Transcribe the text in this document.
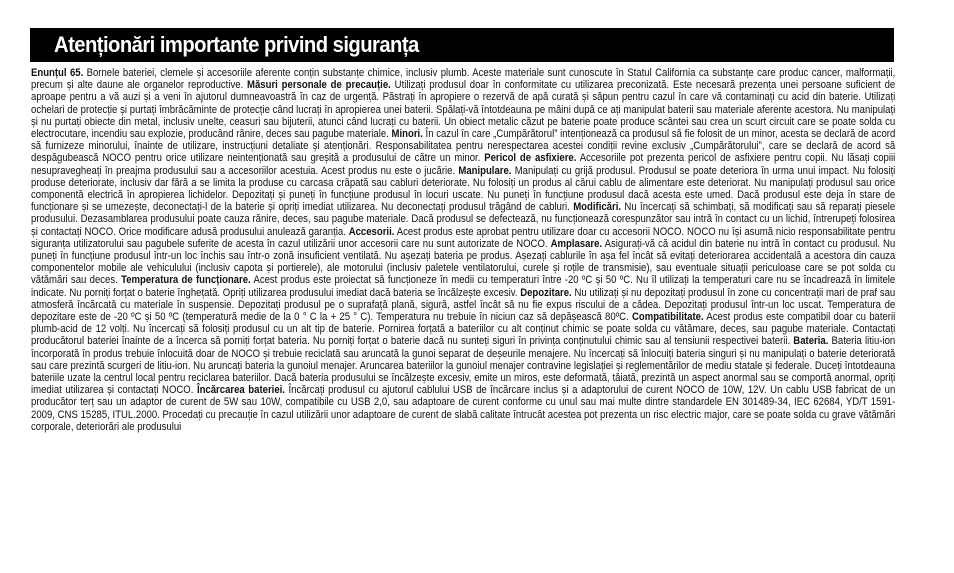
Atenționări importante privind siguranța

Enunțul 65. Bornele bateriei, clemele și accesoriile aferente conțin substanțe chimice, inclusiv plumb. Aceste materiale sunt cunoscute în Statul California ca substanțe care produc cancer, malformații, precum și alte daune ale organelor reproductive. Măsuri personale de precauție. Utilizați produsul doar în conformitate cu utilizarea preconizată. Este necesară prezența unei persoane suficient de aproape pentru a vă auzi și a veni în ajutorul dumneavoastră în caz de urgență. Păstrați în apropiere o rezervă de apă curată și săpun pentru cazul în care vă contaminați cu acid din baterie. Utilizați ochelari de protecție și purtați îmbrăcăminte de protecție când lucrați în apropierea unei baterii. Spălați-vă întotdeauna pe mâini după ce ați manipulat baterii sau materiale aferente acestora. Nu manipulați și nu purtați obiecte din metal, inclusiv unelte, ceasuri sau bijuterii, atunci când lucrați cu baterii. Un obiect metalic căzut pe baterie poate produce scântei sau crea un scurt circuit care se poate solda cu electrocutare, incendiu sau explozie, producând rănire, deces sau pagube materiale. Minori. În cazul în care „Cumpărătorul” intenționează ca produsul să fie folosit de un minor, acesta se declară de acord să furnizeze minorului, înainte de utilizare, instrucțiuni detaliate și atenționări. Responsabilitatea pentru nerespectarea acestei condiții revine exclusiv „Cumpărătorului”, care se declară de acord să despăgubească NOCO pentru orice utilizare neintenționată sau greșită a produsului de către un minor. Pericol de asfixiere. Accesoriile pot prezenta pericol de asfixiere pentru copii. Nu lăsați copiii nesupravegheați în preajma produsului sau a accesoriilor acestuia. Acest produs nu este o jucărie. Manipulare. Manipulați cu grijă produsul. Produsul se poate deteriora în urma unui impact. Nu folosiți produse deteriorate, inclusiv dar fără a se limita la produse cu carcasa crăpată sau cabluri deteriorate. Nu folosiți un produs al cărui cablu de alimentare este deteriorat. Nu manipulați produsul sau orice componentă electrică în apropierea lichidelor. Depozitați și puneți în funcțiune produsul în locuri uscate. Nu puneți în funcțiune produsul dacă acesta este umed. Dacă produsul este deja în stare de funcționare și se umezește, deconectați-l de la baterie și opriți imediat utilizarea. Nu deconectați produsul trăgând de cabluri. Modificări. Nu încercați să schimbați, să modificați sau să reparați piesele produsului. Dezasamblarea produsului poate cauza rănire, deces, sau pagube materiale. Dacă produsul se defectează, nu funcționează corespunzător sau intră în contact cu un lichid, întrerupeți folosirea și contactați NOCO. Orice modificare adusă produsului anulează garanția. Accesorii. Acest produs este aprobat pentru utilizare doar cu accesorii NOCO. NOCO nu își asumă nicio responsabilitate pentru siguranța utilizatorului sau pagubele suferite de acesta în cazul utilizării unor accesorii care nu sunt autorizate de NOCO. Amplasare. Asigurați-vă că acidul din baterie nu intră în contact cu produsul. Nu puneți în funcțiune produsul într-un loc închis sau într-o zonă insuficient ventilată. Nu așezați bateria pe produs. Așezați cablurile în așa fel încât să evitați deteriorarea accidentală a acestora din cauza componentelor mobile ale vehiculului (inclusiv capota și portierele), ale motorului (inclusiv paletele ventilatorului, curele și roțile de transmisie), sau eventuale situații periculoase care se pot solda cu vătămări sau deces. Temperatura de funcționare. Acest produs este proiectat să funcționeze în medii cu temperaturi între -20 ºC și 50 ºC. Nu îl utilizați la temperaturi care nu se încadrează în limitele indicate. Nu porniți forțat o baterie înghețată. Opriți utilizarea produsului imediat dacă bateria se încălzește excesiv. Depozitare. Nu utilizați și nu depozitați produsul în zone cu concentrații mari de praf sau atmosferă încărcată cu materiale în suspensie. Depozitați produsul pe o suprafață plană, sigură, astfel încât să nu fie expus riscului de a cădea. Depozitați produsul într-un loc uscat. Temperatura de depozitare este de -20 ºC și 50 ºC (temperatură medie de la 0 ° C la + 25 ° C). Temperatura nu trebuie în niciun caz să depășească 80ºC. Compatibilitate. Acest produs este compatibil doar cu baterii plumb-acid de 12 volți. Nu încercați să folosiți produsul cu un alt tip de baterie. Pornirea forțată a bateriilor cu alt conținut chimic se poate solda cu vătămare, deces, sau pagube materiale. Contactați producătorul bateriei înainte de a încerca să porniți forțat bateria. Nu porniți forțat o baterie dacă nu sunteți siguri în privința conținutului chimic sau al tensiunii respectivei baterii. Bateria. Bateria litiu-ion încorporată în produs trebuie înlocuită doar de NOCO și trebuie reciclată sau aruncată la gunoi separat de deșeurile menajere. Nu încercați să înlocuiți bateria singuri și nu manipulați o baterie deteriorată sau care prezintă scurgeri de litiu-ion. Nu aruncați bateria la gunoiul menajer. Aruncarea bateriilor la gunoiul menajer contravine legislației și reglementărilor de mediu statale și federale. Duceți întotdeauna bateriile uzate la centrul local pentru reciclarea bateriilor. Dacă bateria produsului se încălzește excesiv, emite un miros, este deformată, tăiată, prezintă un aspect anormal sau se comportă anormal, opriți imediat utilizarea și contactați NOCO. Încărcarea bateriei. Încărcați produsul cu ajutorul cablului USB de încărcare inclus și a adaptorului de curent NOCO de 10W, 12V. Un cablu USB fabricat de un producător terț sau un adaptor de curent de 5W sau 10W, compatibile cu USB 2,0, sau adaptoare de curent conforme cu unul sau mai multe dintre standardele EN 301489-34, IEC 62684, YD/T 1591-2009, CNS 15285, ITUL.2000. Procedați cu precauție în cazul utilizării unor adaptoare de curent de slabă calitate întrucât acestea pot prezenta un risc electric major, care se poate solda cu grave vătămări corporale, deteriorări ale produsului
